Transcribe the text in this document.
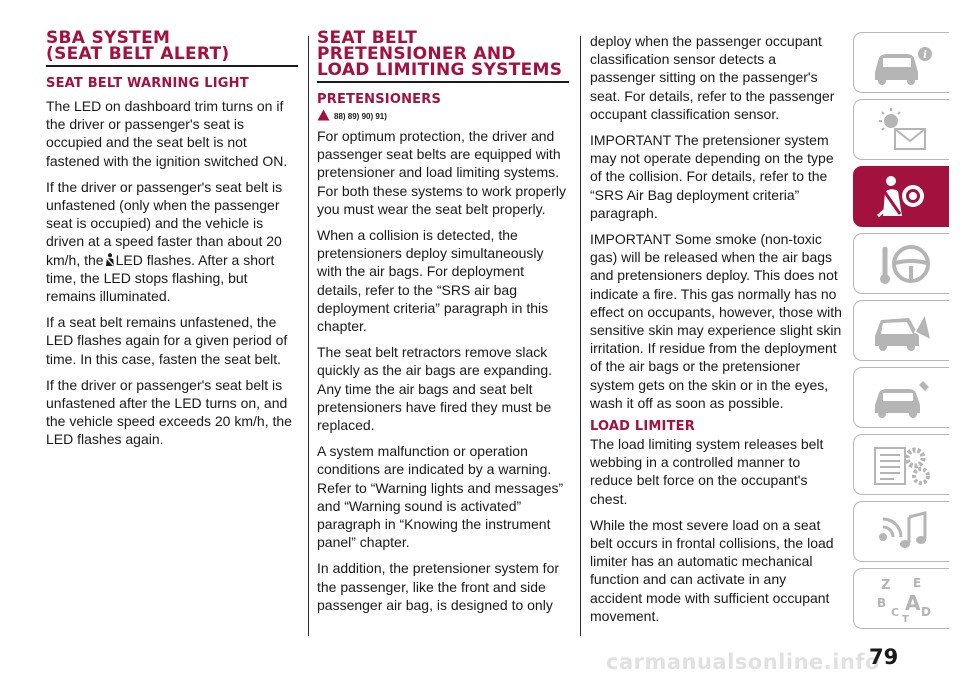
SBA SYSTEM
(SEAT BELT ALERT)
SEAT BELT WARNING LIGHT

The LED on dashboard trim turns on if the driver or passenger's seat is occupied and the seat belt is not fastened with the ignition switched ON.

If the driver or passenger's seat belt is unfastened (only when the passenger seat is occupied) and the vehicle is driven at a speed faster than about 20 km/h, the LED flashes. After a short time, the LED stops flashing, but remains illuminated.

If a seat belt remains unfastened, the LED flashes again for a given period of time. In this case, fasten the seat belt.

If the driver or passenger's seat belt is unfastened after the LED turns on, and the vehicle speed exceeds 20 km/h, the LED flashes again.

SEAT BELT PRETENSIONER AND LOAD LIMITING SYSTEMS
PRETENSIONERS
88) 89) 90) 91)

For optimum protection, the driver and passenger seat belts are equipped with pretensioner and load limiting systems. For both these systems to work properly you must wear the seat belt properly.

When a collision is detected, the pretensioners deploy simultaneously with the air bags. For deployment details, refer to the “SRS air bag deployment criteria” paragraph in this chapter.

The seat belt retractors remove slack quickly as the air bags are expanding. Any time the air bags and seat belt pretensioners have fired they must be replaced.

A system malfunction or operation conditions are indicated by a warning. Refer to “Warning lights and messages” and “Warning sound is activated” paragraph in “Knowing the instrument panel” chapter.

In addition, the pretensioner system for the passenger, like the front and side passenger air bag, is designed to only

deploy when the passenger occupant classification sensor detects a passenger sitting on the passenger's seat. For details, refer to the passenger occupant classification sensor.

IMPORTANT The pretensioner system may not operate depending on the type of the collision. For details, refer to the “SRS Air Bag deployment criteria” paragraph.

IMPORTANT Some smoke (non-toxic gas) will be released when the air bags and pretensioners deploy. This does not indicate a fire. This gas normally has no effect on occupants, however, those with sensitive skin may experience slight skin irritation. If residue from the deployment of the air bags or the pretensioner system gets on the skin or in the eyes, wash it off as soon as possible.

LOAD LIMITER

The load limiting system releases belt webbing in a controlled manner to reduce belt force on the occupant's chest.

While the most severe load on a seat belt occurs in frontal collisions, the load limiter has an automatic mechanical function and can activate in any accident mode with sufficient occupant movement.

i
Z E
B A
C D
T
carmanualsonline.info
79
